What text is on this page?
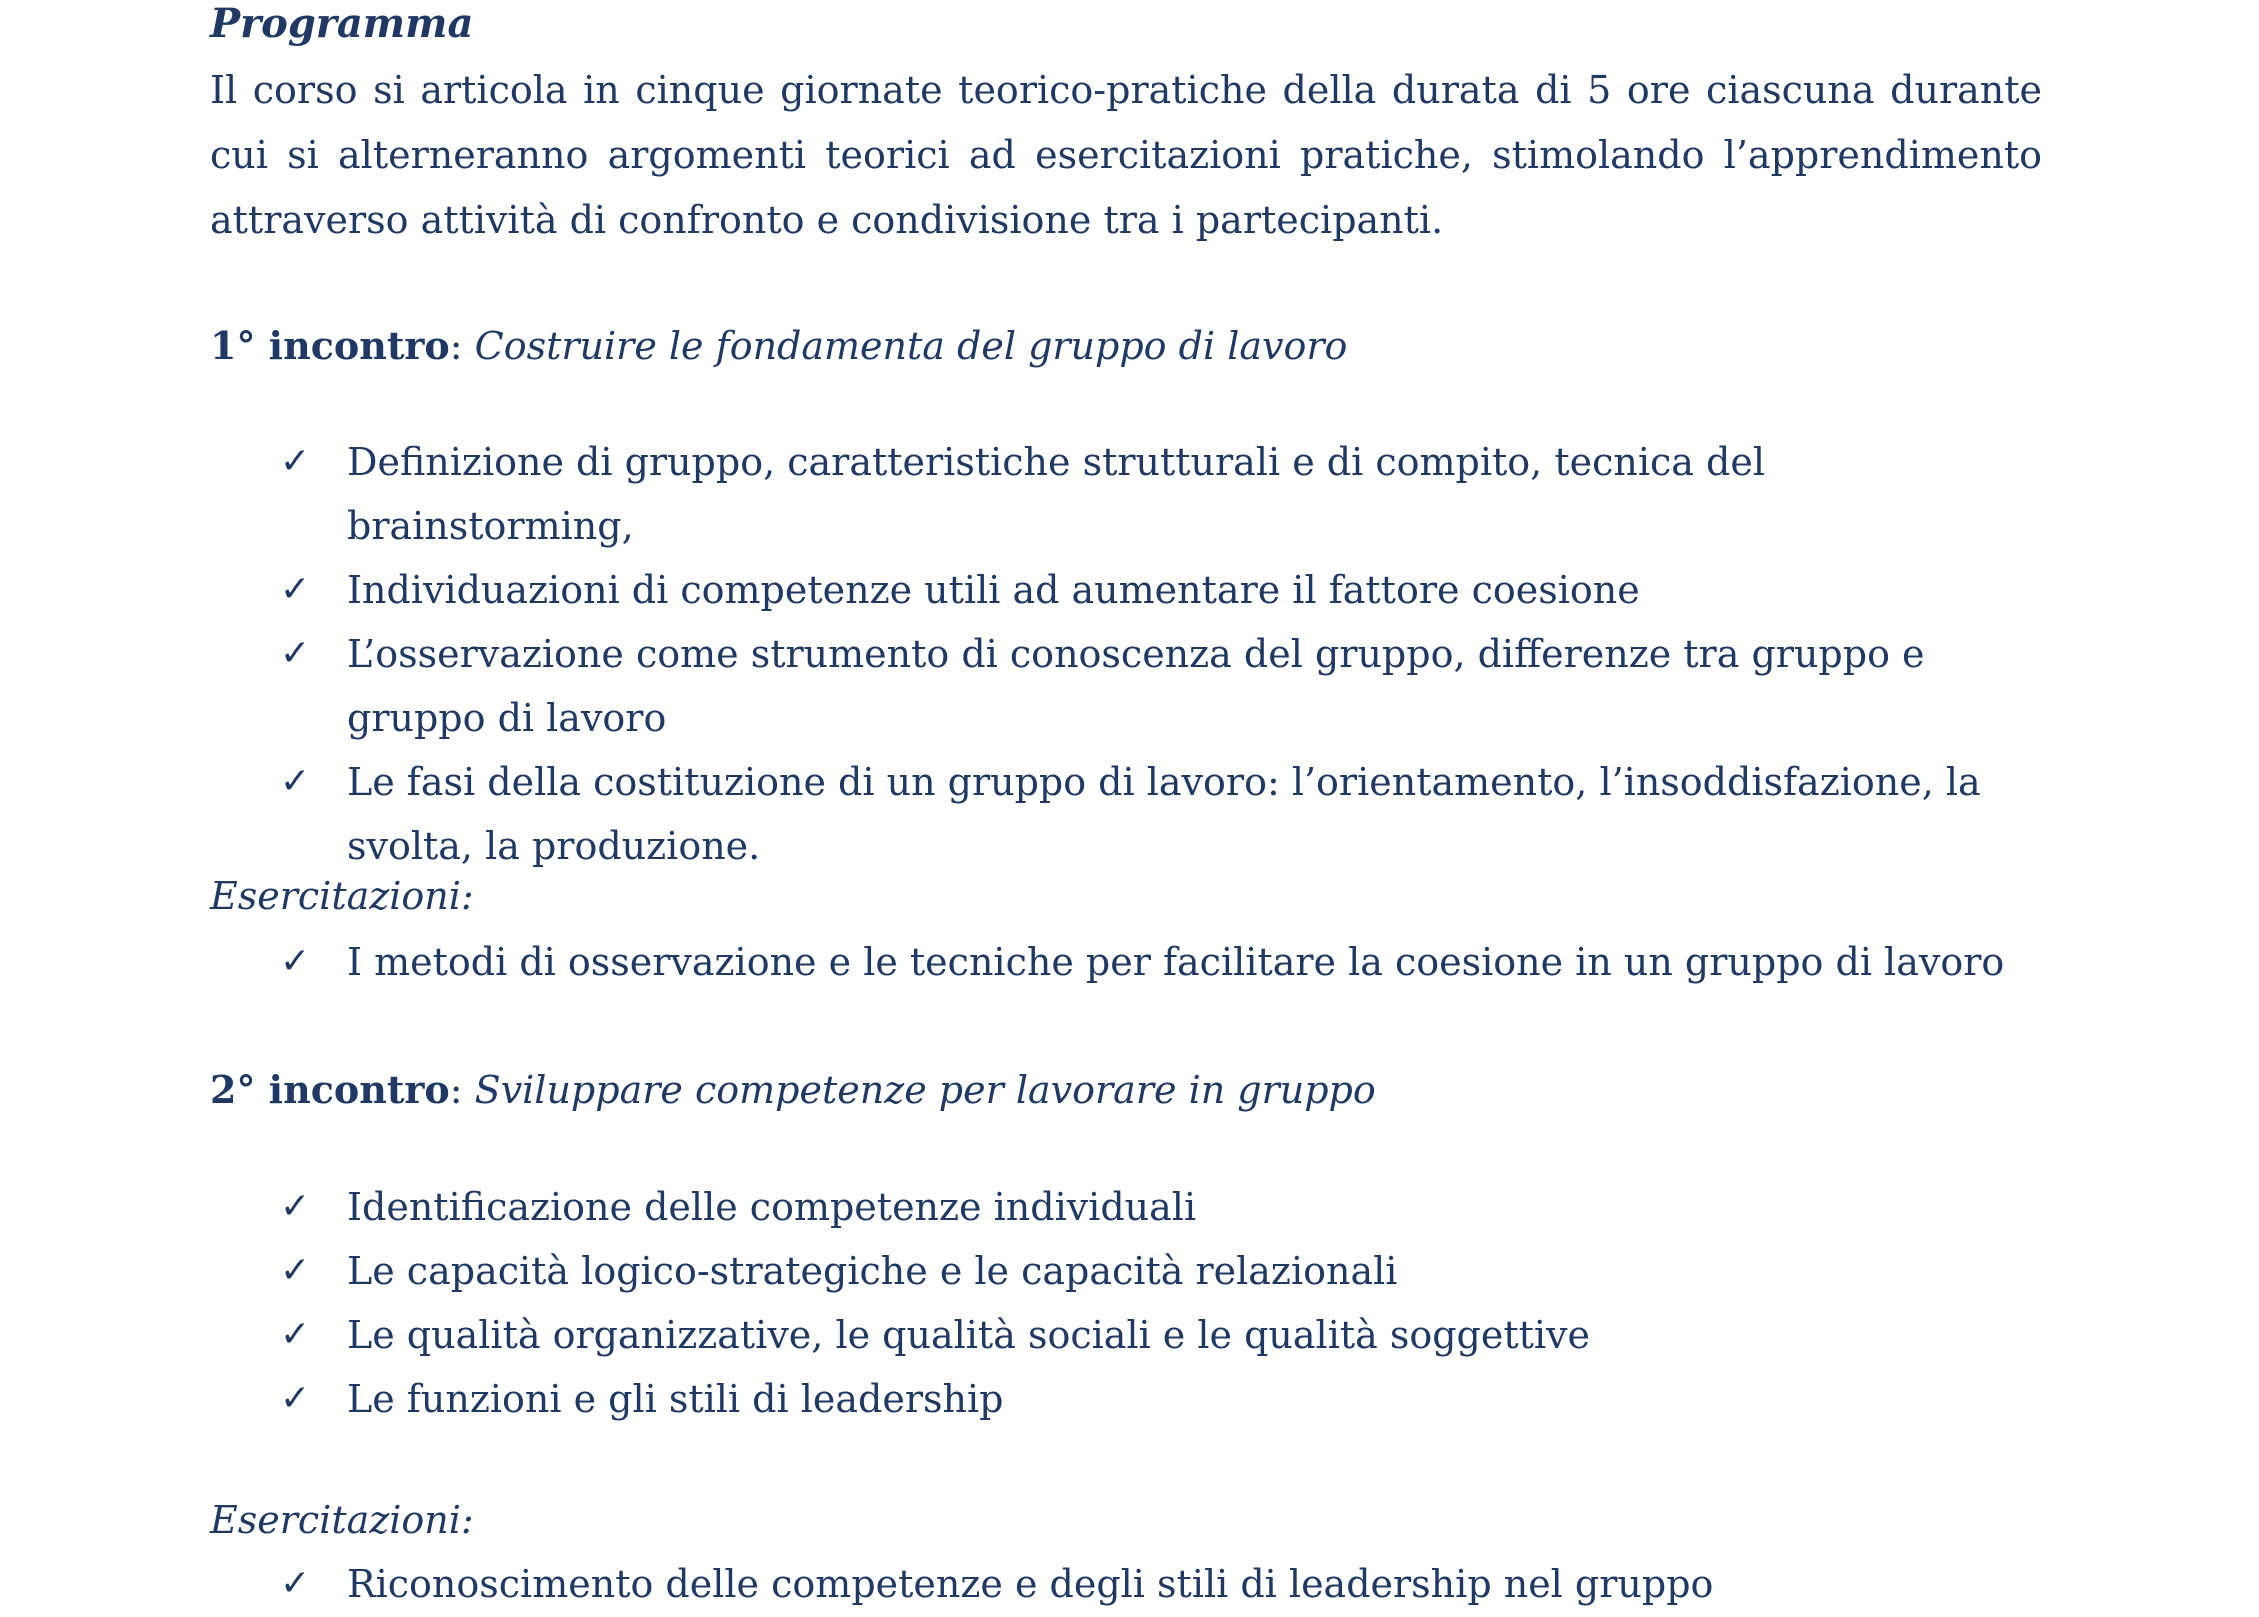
Programma

Il corso si articola in cinque giornate teorico-pratiche della durata di 5 ore ciascuna durante cui si alterneranno argomenti teorici ad esercitazioni pratiche, stimolando l’apprendimento attraverso attività di confronto e condivisione tra i partecipanti.

1° incontro: Costruire le fondamenta del gruppo di lavoro

✓ Definizione di gruppo, caratteristiche strutturali e di compito, tecnica del brainstorming,
✓ Individuazioni di competenze utili ad aumentare il fattore coesione
✓ L’osservazione come strumento di conoscenza del gruppo, differenze tra gruppo e gruppo di lavoro
✓ Le fasi della costituzione di un gruppo di lavoro: l’orientamento, l’insoddisfazione, la svolta, la produzione.

Esercitazioni:

✓ I metodi di osservazione e le tecniche per facilitare la coesione in un gruppo di lavoro

2° incontro: Sviluppare competenze per lavorare in gruppo

✓ Identificazione delle competenze individuali
✓ Le capacità logico-strategiche e le capacità relazionali
✓ Le qualità organizzative, le qualità sociali e le qualità soggettive
✓ Le funzioni e gli stili di leadership

Esercitazioni:

✓ Riconoscimento delle competenze e degli stili di leadership nel gruppo
